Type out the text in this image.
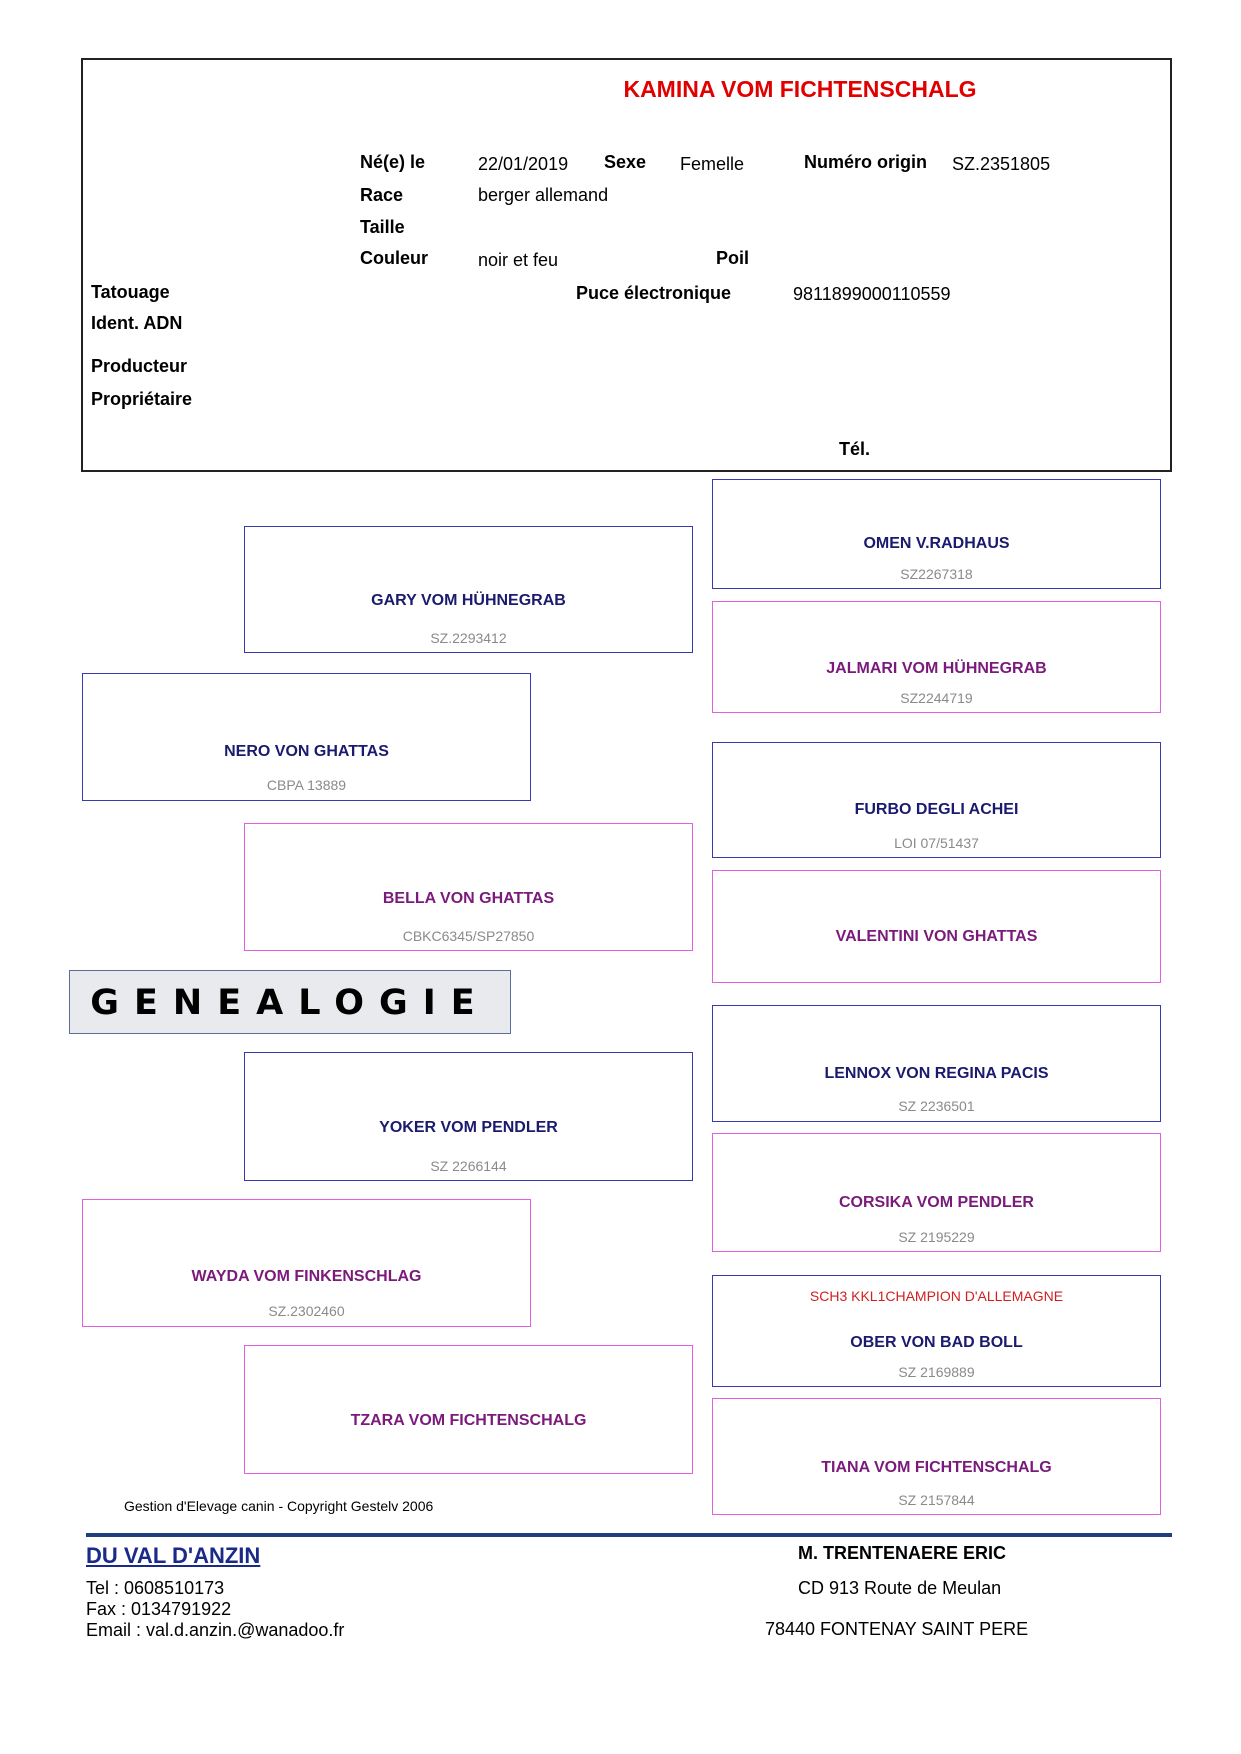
KAMINA VOM FICHTENSCHALG
Né(e) le	22/01/2019 Sexe Femelle	Numéro origin SZ.2351805
Race	berger allemand
Taille
Couleur	noir et feu	Poil
Tatouage	Puce électronique	9811899000110559
Ident. ADN
Producteur
Propriétaire
Tél.
OMEN V.RADHAUS
SZ2267318
JALMARI VOM HÜHNEGRAB
SZ2244719
FURBO DEGLI ACHEI
LOI 07/51437
VALENTINI VON GHATTAS
LENNOX VON REGINA PACIS
SZ 2236501
CORSIKA VOM PENDLER
SZ 2195229
SCH3 KKL1CHAMPION D'ALLEMAGNE
OBER VON BAD BOLL
SZ 2169889
TIANA VOM FICHTENSCHALG
SZ 2157844
GARY VOM HÜHNEGRAB
SZ.2293412
BELLA VON GHATTAS
CBKC6345/SP27850
YOKER VOM PENDLER
SZ 2266144
TZARA VOM FICHTENSCHALG
NERO VON GHATTAS
CBPA 13889
WAYDA VOM FINKENSCHLAG
SZ.2302460
GENEALOGIE
Gestion d'Elevage canin - Copyright Gestelv 2006
DU VAL D'ANZIN
Tel : 0608510173
Fax : 0134791922
Email : val.d.anzin.@wanadoo.fr
M. TRENTENAERE ERIC
CD 913 Route de Meulan
78440 FONTENAY SAINT PERE
